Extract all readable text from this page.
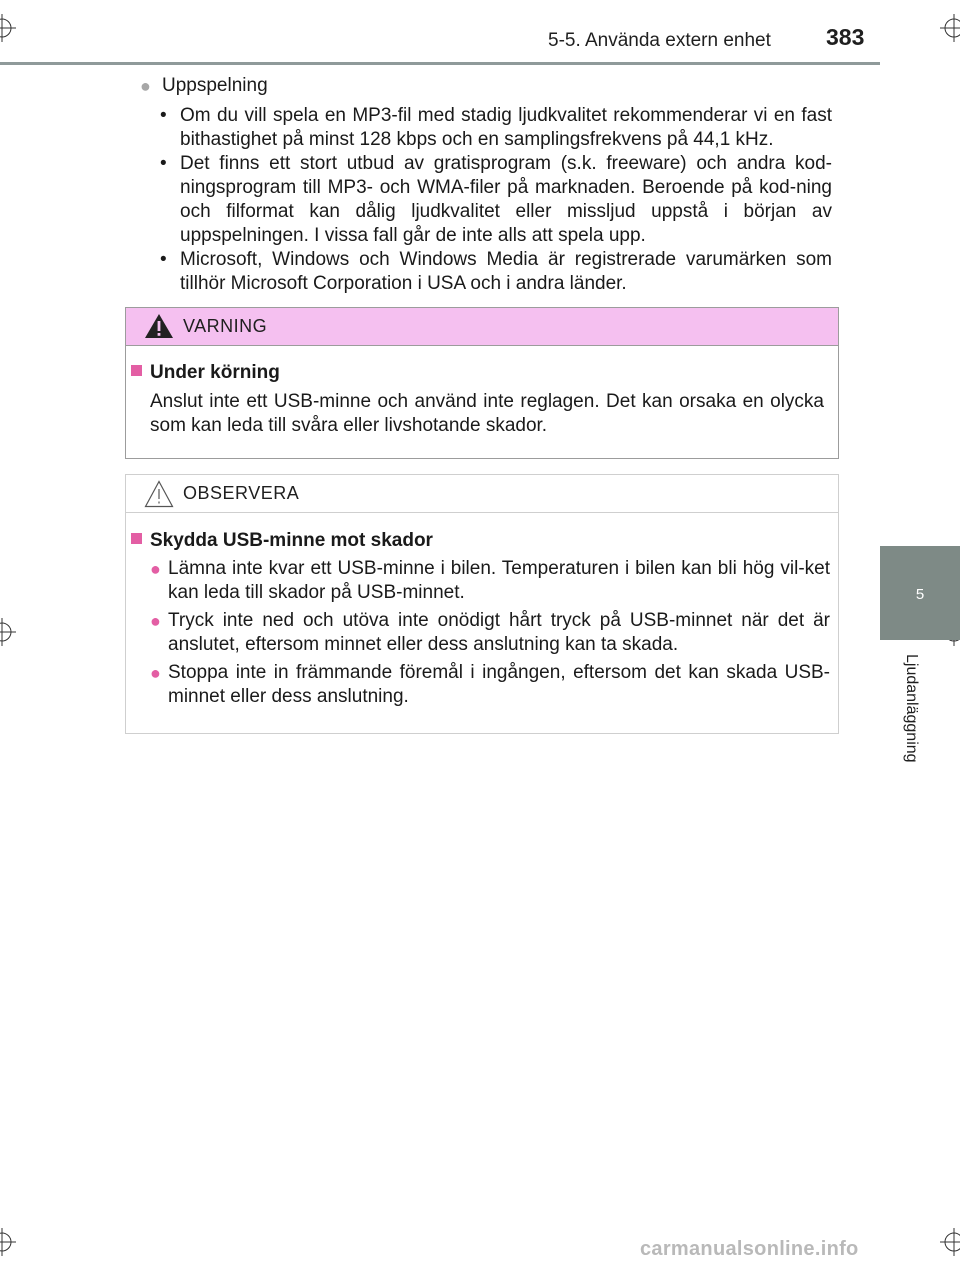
5-5. Använda extern enhet 383
5
Ljudanläggning
● Uppspelning
• Om du vill spela en MP3-fil med stadig ljudkvalitet rekommenderar vi en fast bithastighet på minst 128 kbps och en samplingsfrekvens på 44,1 kHz.
• Det finns ett stort utbud av gratisprogram (s.k. freeware) och andra kod-ningsprogram till MP3- och WMA-filer på marknaden. Beroende på kod-ning och filformat kan dålig ljudkvalitet eller missljud uppstå i början av uppspelningen. I vissa fall går de inte alls att spela upp.
• Microsoft, Windows och Windows Media är registrerade varumärken som tillhör Microsoft Corporation i USA och i andra länder.
VARNING
Under körning
Anslut inte ett USB-minne och använd inte reglagen. Det kan orsaka en olycka som kan leda till svåra eller livshotande skador.
OBSERVERA
Skydda USB-minne mot skador
● Lämna inte kvar ett USB-minne i bilen. Temperaturen i bilen kan bli hög vil-ket kan leda till skador på USB-minnet.
● Tryck inte ned och utöva inte onödigt hårt tryck på USB-minnet när det är anslutet, eftersom minnet eller dess anslutning kan ta skada.
● Stoppa inte in främmande föremål i ingången, eftersom det kan skada USB-minnet eller dess anslutning.
carmanualsonline.info
